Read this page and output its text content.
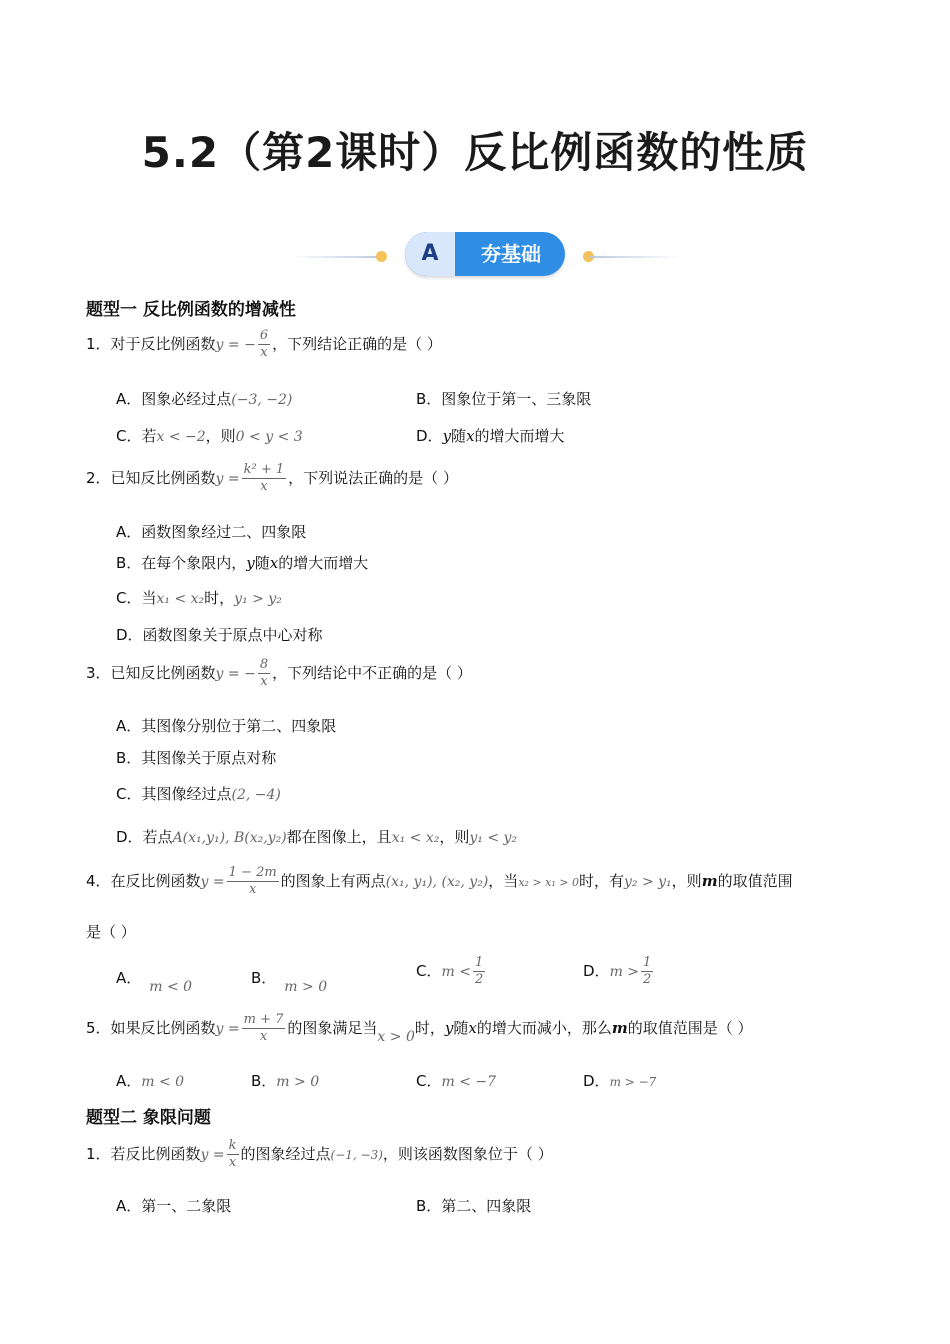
5.2（第2课时）反比例函数的性质
A	夯基础
题型一 反比例函数的增减性
1．对于反比例函数y = − $\frac{6}{x}$ ，下列结论正确的是（ ）
A．图象必经过点(−3, −2)	B．图象位于第一、三象限
C．若x < −2，则0 < y < 3	D．y随x的增大而增大
2．已知反比例函数$y = \frac{\text{k² + 1}}{x}$ ，下列说法正确的是（ ）
A．函数图象经过二、四象限
B．在每个象限内，y随x的增大而增大
C．当x₁ < x₂时，y₁ > y₂
D．函数图象关于原点中心对称
3．已知反比例函数y = − $\frac{8}{x}$ ，下列结论中不正确的是（ ）
A．其图像分别位于第二、四象限
B．其图像关于原点对称
C．其图像经过点(2, −4)
D．若点A(x₁,y₁), B(x₂,y₂)都在图像上，且x₁ < x₂，则y₁ < y₂
4．在反比例函数$y = \frac{1 - 2m}{x}$ 的图象上有两点(x₁, y₁), (x₂, y₂)，当x₂ > x₁ > 0时，有y₂ > y₁，则m的取值范围
是（ ）
A． m < 0	B． m > 0
C．$m < \frac{1}{2}$	D．$m > \frac{1}{2}$
5．如果反比例函数$y = \frac{m + 7}{x}$ 的图象满足当x > 0时，y随x的增大而减小，那么m的取值范围是（ ）
A．m < 0	B．m > 0	C．m < −7	D．m > −7
题型二 象限问题
1．若反比例函数$y = \frac{k}{x}$ 的图象经过点(−1, −3)，则该函数图象位于（ ）
A．第一、二象限	B．第二、四象限
